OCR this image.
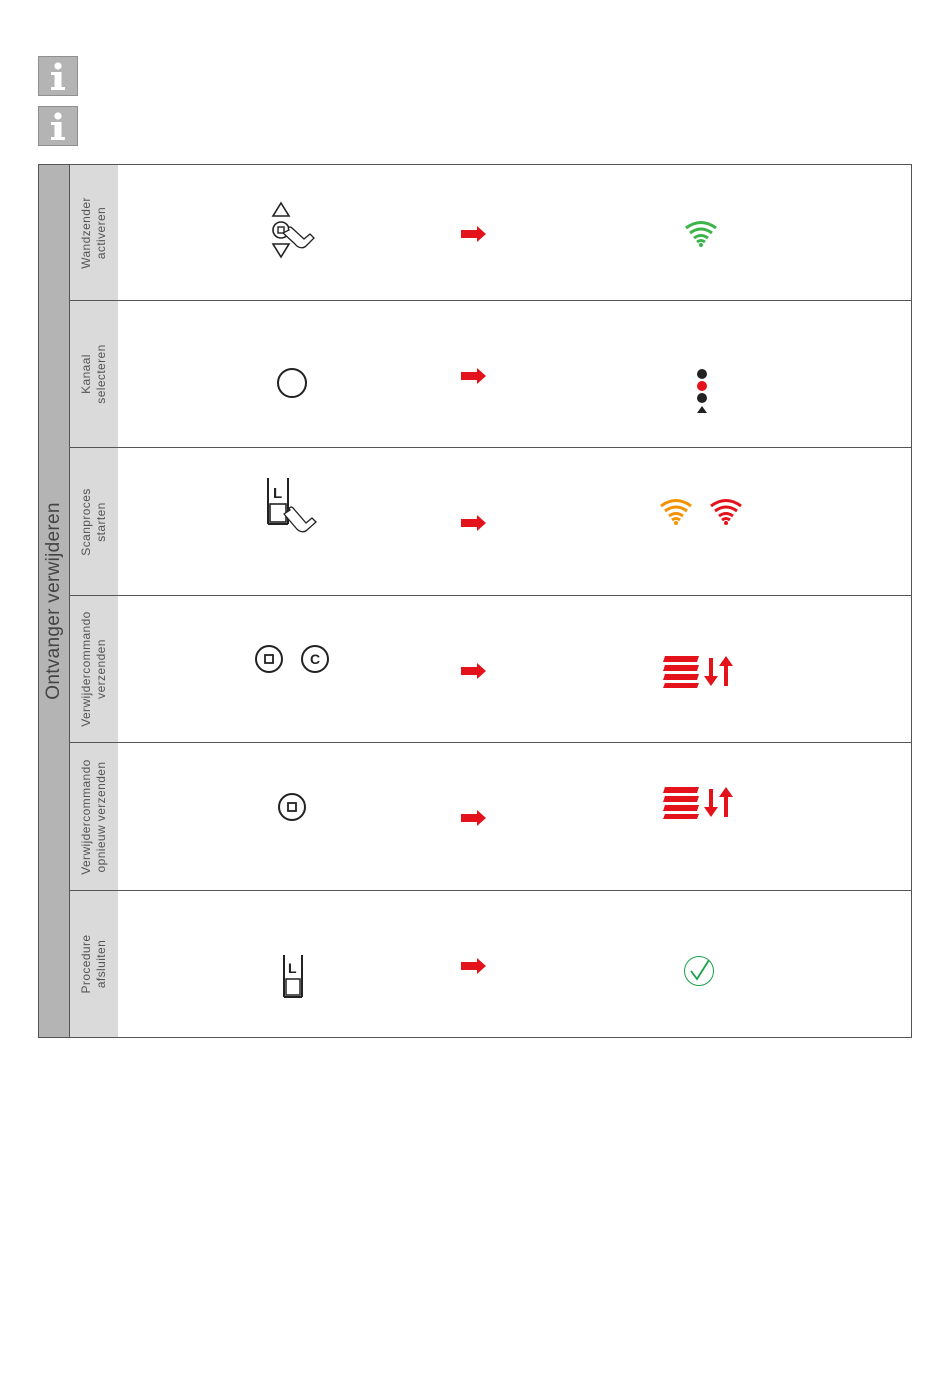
Ontvanger verwijderen
Wandzender
activeren
Kanaal
selecteren
Scanproces
starten
L
Verwijdercommando
verzenden	C
Verwijdercommando
opnieuw verzenden
Procedure
afsluiten	L
